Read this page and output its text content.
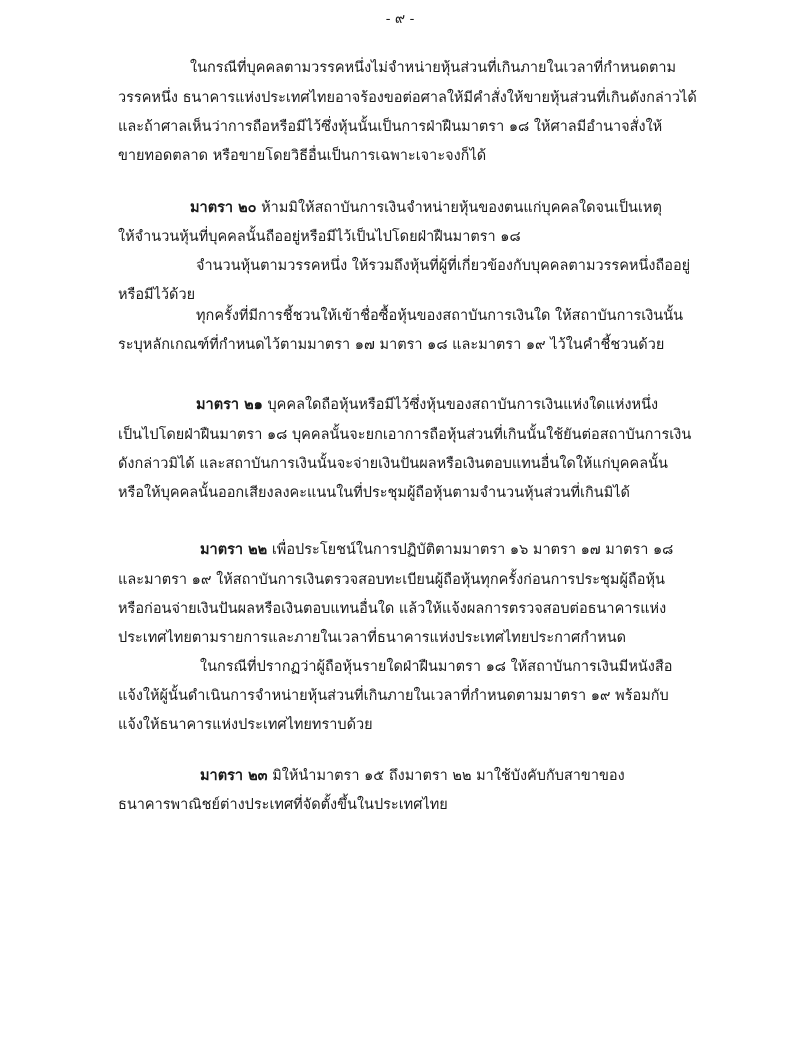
- ๙ -
ในกรณีที่บุคคลตามวรรคหนึ่งไม่จำหน่ายหุ้นส่วนที่เกินภายในเวลาที่กำหนดตาม
วรรคหนึ่ง ธนาคารแห่งประเทศไทยอาจร้องขอต่อศาลให้มีคำสั่งให้ขายหุ้นส่วนที่เกินดังกล่าวได้
และถ้าศาลเห็นว่าการถือหรือมีไว้ซึ่งหุ้นนั้นเป็นการฝ่าฝืนมาตรา ๑๘ ให้ศาลมีอำนาจสั่งให้
ขายทอดตลาด หรือขายโดยวิธีอื่นเป็นการเฉพาะเจาะจงก็ได้
มาตรา ๒๐ ห้ามมิให้สถาบันการเงินจำหน่ายหุ้นของตนแก่บุคคลใดจนเป็นเหตุ
ให้จำนวนหุ้นที่บุคคลนั้นถืออยู่หรือมีไว้เป็นไปโดยฝ่าฝืนมาตรา ๑๘
จำนวนหุ้นตามวรรคหนึ่ง ให้รวมถึงหุ้นที่ผู้ที่เกี่ยวข้องกับบุคคลตามวรรคหนึ่งถืออยู่
หรือมีไว้ด้วย
ทุกครั้งที่มีการชี้ชวนให้เข้าชื่อซื้อหุ้นของสถาบันการเงินใด ให้สถาบันการเงินนั้น
ระบุหลักเกณฑ์ที่กำหนดไว้ตามมาตรา ๑๗ มาตรา ๑๘ และมาตรา ๑๙ ไว้ในคำชี้ชวนด้วย
มาตรา ๒๑ บุคคลใดถือหุ้นหรือมีไว้ซึ่งหุ้นของสถาบันการเงินแห่งใดแห่งหนึ่ง
เป็นไปโดยฝ่าฝืนมาตรา ๑๘ บุคคลนั้นจะยกเอาการถือหุ้นส่วนที่เกินนั้นใช้ยันต่อสถาบันการเงิน
ดังกล่าวมิได้ และสถาบันการเงินนั้นจะจ่ายเงินปันผลหรือเงินตอบแทนอื่นใดให้แก่บุคคลนั้น
หรือให้บุคคลนั้นออกเสียงลงคะแนนในที่ประชุมผู้ถือหุ้นตามจำนวนหุ้นส่วนที่เกินมิได้
มาตรา ๒๒ เพื่อประโยชน์ในการปฏิบัติตามมาตรา ๑๖ มาตรา ๑๗ มาตรา ๑๘
และมาตรา ๑๙ ให้สถาบันการเงินตรวจสอบทะเบียนผู้ถือหุ้นทุกครั้งก่อนการประชุมผู้ถือหุ้น
หรือก่อนจ่ายเงินปันผลหรือเงินตอบแทนอื่นใด แล้วให้แจ้งผลการตรวจสอบต่อธนาคารแห่ง
ประเทศไทยตามรายการและภายในเวลาที่ธนาคารแห่งประเทศไทยประกาศกำหนด
ในกรณีที่ปรากฏว่าผู้ถือหุ้นรายใดฝ่าฝืนมาตรา ๑๘ ให้สถาบันการเงินมีหนังสือ
แจ้งให้ผู้นั้นดำเนินการจำหน่ายหุ้นส่วนที่เกินภายในเวลาที่กำหนดตามมาตรา ๑๙ พร้อมกับ
แจ้งให้ธนาคารแห่งประเทศไทยทราบด้วย
มาตรา ๒๓ มิให้นำมาตรา ๑๕ ถึงมาตรา ๒๒ มาใช้บังคับกับสาขาของ
ธนาคารพาณิชย์ต่างประเทศที่จัดตั้งขึ้นในประเทศไทย
